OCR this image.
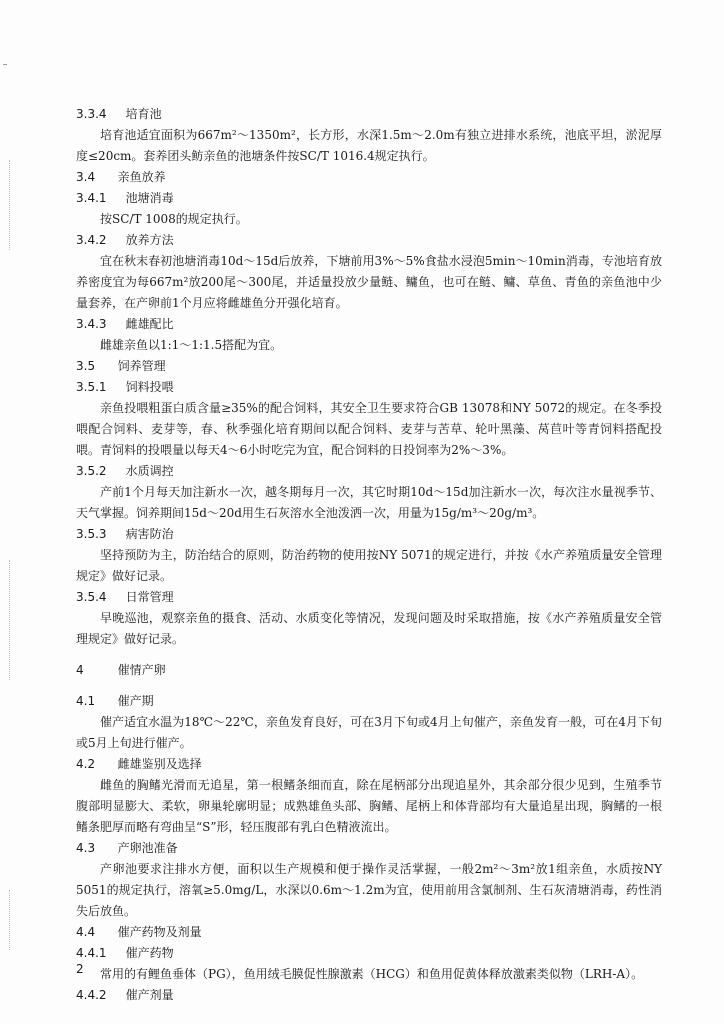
3.3.4 培育池

培育池适宜面积为667m²～1350m²，长方形，水深1.5m～2.0m有独立进排水系统，池底平坦，淤泥厚度≤20cm。套养团头鲂亲鱼的池塘条件按SC/T 1016.4规定执行。

3.4 亲鱼放养
3.4.1 池塘消毒

按SC/T 1008的规定执行。

3.4.2 放养方法

宜在秋末春初池塘消毒10d～15d后放养，下塘前用3%～5%食盐水浸泡5min～10min消毒，专池培育放养密度宜为每667m²放200尾～300尾，并适量投放少量鲢、鳙鱼，也可在鲢、鳙、草鱼、青鱼的亲鱼池中少量套养，在产卵前1个月应将雌雄鱼分开强化培育。

3.4.3 雌雄配比

雌雄亲鱼以1:1～1:1.5搭配为宜。

3.5 饲养管理
3.5.1 饲料投喂

亲鱼投喂粗蛋白质含量≥35%的配合饲料，其安全卫生要求符合GB 13078和NY 5072的规定。在冬季投喂配合饲料、麦芽等，春、秋季强化培育期间以配合饲料、麦芽与苦草、轮叶黑藻、莴苣叶等青饲料搭配投喂。青饲料的投喂量以每天4～6小时吃完为宜，配合饲料的日投饲率为2%～3%。

3.5.2 水质调控

产前1个月每天加注新水一次，越冬期每月一次，其它时期10d～15d加注新水一次，每次注水量视季节、天气掌握。饲养期间15d～20d用生石灰溶水全池泼洒一次，用量为15g/m³～20g/m³。

3.5.3 病害防治

坚持预防为主，防治结合的原则，防治药物的使用按NY 5071的规定进行，并按《水产养殖质量安全管理规定》做好记录。

3.5.4 日常管理

早晚巡池，观察亲鱼的摄食、活动、水质变化等情况，发现问题及时采取措施，按《水产养殖质量安全管理规定》做好记录。

4	催情产卵
4.1 催产期

催产适宜水温为18℃～22℃，亲鱼发育良好，可在3月下旬或4月上旬催产，亲鱼发育一般，可在4月下旬或5月上旬进行催产。

4.2 雌雄鉴别及选择

雌鱼的胸鳍光滑而无追星，第一根鳍条细而直，除在尾柄部分出现追星外，其余部分很少见到，生殖季节腹部明显膨大、柔软，卵巢轮廓明显；成熟雄鱼头部、胸鳍、尾柄上和体背部均有大量追星出现，胸鳍的一根鳍条肥厚而略有弯曲呈“S”形，轻压腹部有乳白色精液流出。

4.3 产卵池准备

产卵池要求注排水方便，面积以生产规模和便于操作灵活掌握，一般2m²～3m²放1组亲鱼，水质按NY 5051的规定执行，溶氧≥5.0mg/L，水深以0.6m～1.2m为宜，使用前用含氯制剂、生石灰清塘消毒，药性消失后放鱼。

4.4 催产药物及剂量
4.4.1 催产药物

常用的有鲤鱼垂体（PG），鱼用绒毛膜促性腺激素（HCG）和鱼用促黄体释放激素类似物（LRH-A）。

4.4.2 催产剂量
2
